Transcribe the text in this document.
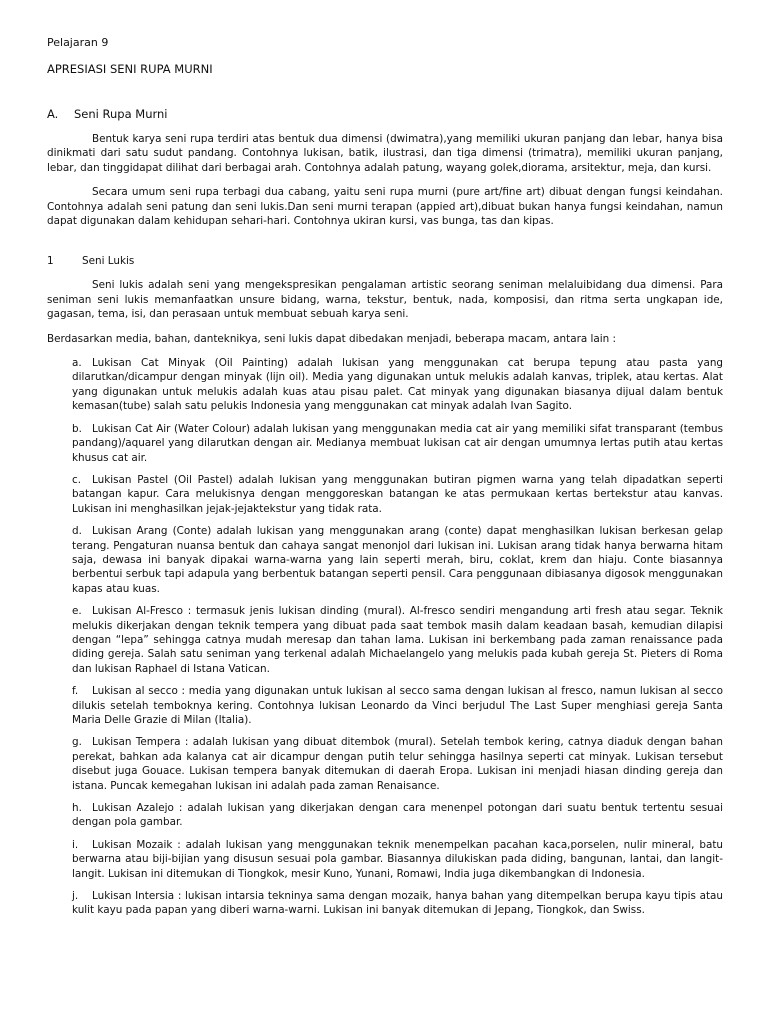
Pelajaran 9
APRESIASI SENI RUPA MURNI
A.	Seni Rupa Murni

Bentuk karya seni rupa terdiri atas bentuk dua dimensi (dwimatra),yang memiliki ukuran panjang dan lebar, hanya bisa dinikmati dari satu sudut pandang. Contohnya lukisan, batik, ilustrasi, dan tiga dimensi (trimatra), memiliki ukuran panjang, lebar, dan tinggidapat dilihat dari berbagai arah. Contohnya adalah patung, wayang golek,diorama, arsitektur, meja, dan kursi.

Secara umum seni rupa terbagi dua cabang, yaitu seni rupa murni (pure art/fine art) dibuat dengan fungsi keindahan. Contohnya adalah seni patung dan seni lukis.Dan seni murni terapan (appied art),dibuat bukan hanya fungsi keindahan, namun dapat digunakan dalam kehidupan sehari-hari. Contohnya ukiran kursi, vas bunga, tas dan kipas.

1	Seni Lukis

Seni lukis adalah seni yang mengekspresikan pengalaman artistic seorang seniman melaluibidang dua dimensi. Para seniman seni lukis memanfaatkan unsure bidang, warna, tekstur, bentuk, nada, komposisi, dan ritma serta ungkapan ide, gagasan, tema, isi, dan perasaan untuk membuat sebuah karya seni.

Berdasarkan media, bahan, danteknikya, seni lukis dapat dibedakan menjadi, beberapa macam, antara lain :

a. Lukisan Cat Minyak (Oil Painting) adalah lukisan yang menggunakan cat berupa tepung atau pasta yang dilarutkan/dicampur dengan minyak (lijn oil). Media yang digunakan untuk melukis adalah kanvas, triplek, atau kertas. Alat yang digunakan untuk melukis adalah kuas atau pisau palet. Cat minyak yang digunakan biasanya dijual dalam bentuk kemasan(tube) salah satu pelukis Indonesia yang menggunakan cat minyak adalah Ivan Sagito.

b. Lukisan Cat Air (Water Colour) adalah lukisan yang menggunakan media cat air yang memiliki sifat transparant (tembus pandang)/aquarel yang dilarutkan dengan air. Medianya membuat lukisan cat air dengan umumnya lertas putih atau kertas khusus cat air.

c. Lukisan Pastel (Oil Pastel) adalah lukisan yang menggunakan butiran pigmen warna yang telah dipadatkan seperti batangan kapur. Cara melukisnya dengan menggoreskan batangan ke atas permukaan kertas bertekstur atau kanvas. Lukisan ini menghasilkan jejak-jejaktekstur yang tidak rata.

d. Lukisan Arang (Conte) adalah lukisan yang menggunakan arang (conte) dapat menghasilkan lukisan berkesan gelap terang. Pengaturan nuansa bentuk dan cahaya sangat menonjol dari lukisan ini. Lukisan arang tidak hanya berwarna hitam saja, dewasa ini banyak dipakai warna-warna yang lain seperti merah, biru, coklat, krem dan hiaju. Conte biasannya berbentui serbuk tapi adapula yang berbentuk batangan seperti pensil. Cara penggunaan dibiasanya digosok menggunakan kapas atau kuas.

e. Lukisan Al-Fresco : termasuk jenis lukisan dinding (mural). Al-fresco sendiri mengandung arti fresh atau segar. Teknik melukis dikerjakan dengan teknik tempera yang dibuat pada saat tembok masih dalam keadaan basah, kemudian dilapisi dengan “lepa” sehingga catnya mudah meresap dan tahan lama. Lukisan ini berkembang pada zaman renaissance pada diding gereja. Salah satu seniman yang terkenal adalah Michaelangelo yang melukis pada kubah gereja St. Pieters di Roma dan lukisan Raphael di Istana Vatican.

f. Lukisan al secco : media yang digunakan untuk lukisan al secco sama dengan lukisan al fresco, namun lukisan al secco dilukis setelah temboknya kering. Contohnya lukisan Leonardo da Vinci berjudul The Last Super menghiasi gereja Santa Maria Delle Grazie di Milan (Italia).

g. Lukisan Tempera : adalah lukisan yang dibuat ditembok (mural). Setelah tembok kering, catnya diaduk dengan bahan perekat, bahkan ada kalanya cat air dicampur dengan putih telur sehingga hasilnya seperti cat minyak. Lukisan tersebut disebut juga Gouace. Lukisan tempera banyak ditemukan di daerah Eropa. Lukisan ini menjadi hiasan dinding gereja dan istana. Puncak kemegahan lukisan ini adalah pada zaman Renaisance.

h. Lukisan Azalejo : adalah lukisan yang dikerjakan dengan cara menenpel potongan dari suatu bentuk tertentu sesuai dengan pola gambar.

i. Lukisan Mozaik : adalah lukisan yang menggunakan teknik menempelkan pacahan kaca,porselen, nulir mineral, batu berwarna atau biji-bijian yang disusun sesuai pola gambar. Biasannya dilukiskan pada diding, bangunan, lantai, dan langit-langit. Lukisan ini ditemukan di Tiongkok, mesir Kuno, Yunani, Romawi, India juga dikembangkan di Indonesia.

j. Lukisan Intersia : lukisan intarsia tekninya sama dengan mozaik, hanya bahan yang ditempelkan berupa kayu tipis atau kulit kayu pada papan yang diberi warna-warni. Lukisan ini banyak ditemukan di Jepang, Tiongkok, dan Swiss.
